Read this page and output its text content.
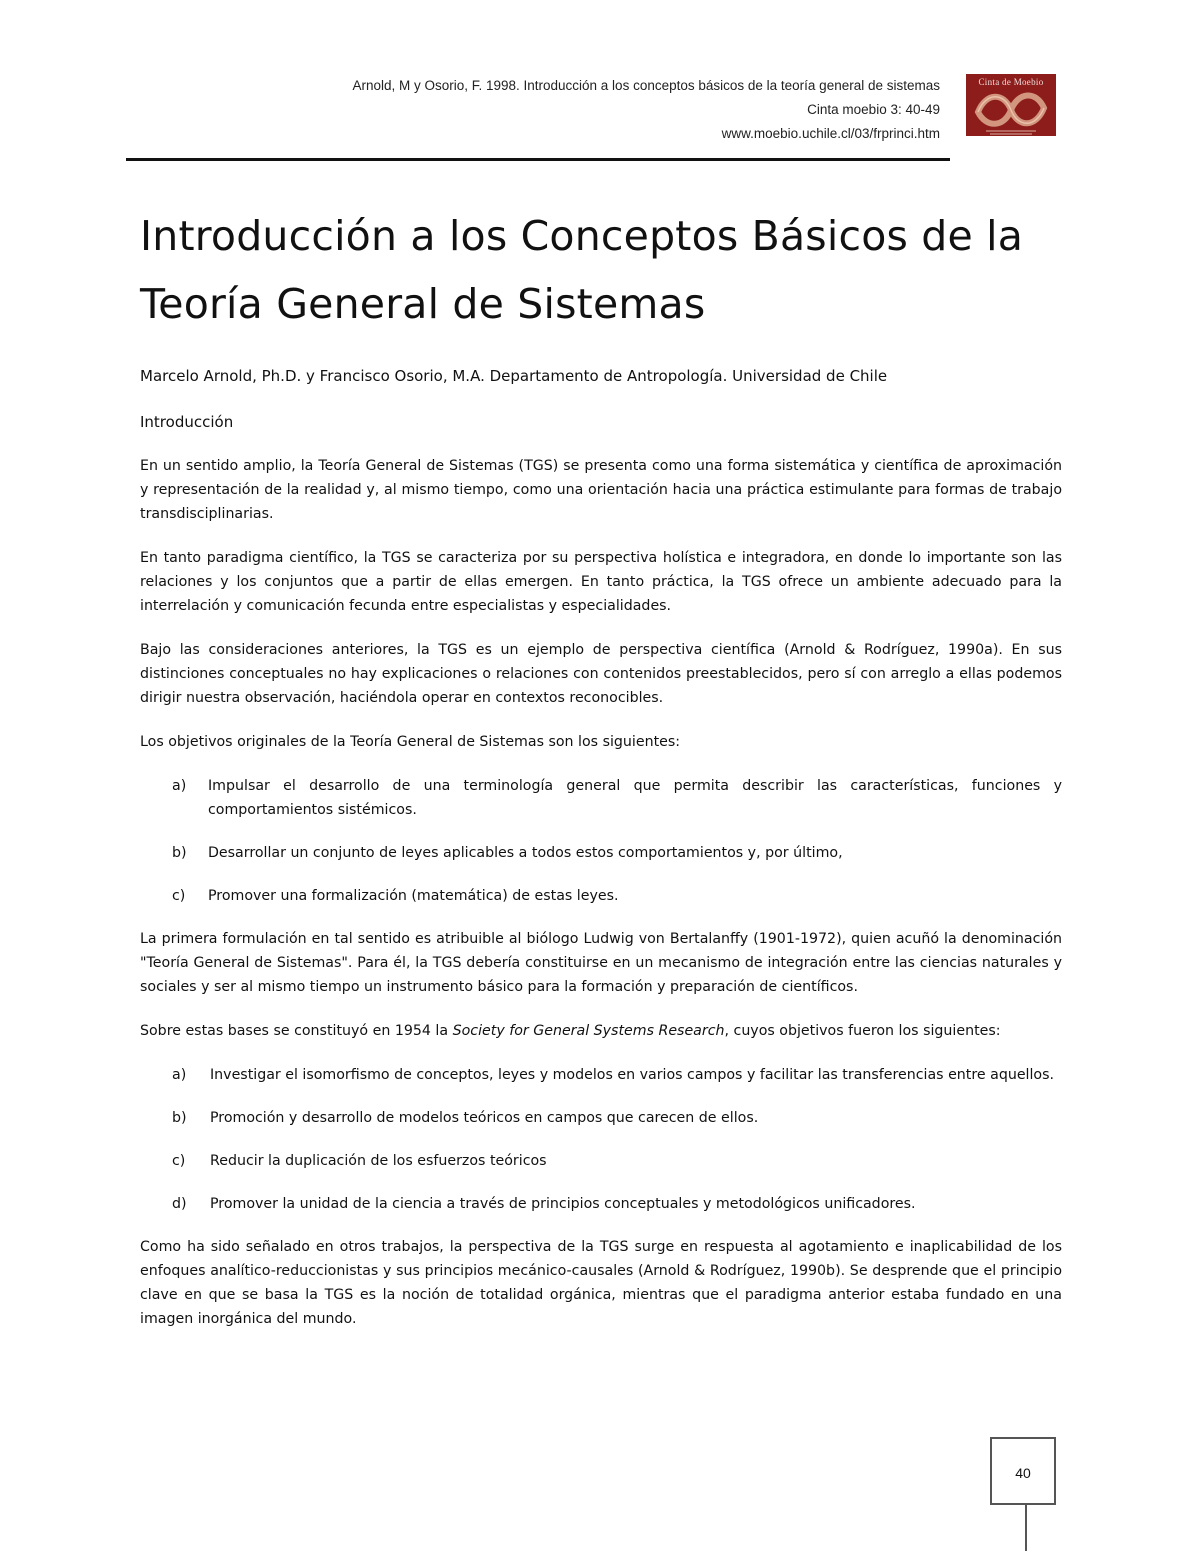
Arnold, M y Osorio, F. 1998. Introducción a los conceptos básicos de la teoría general de sistemas
Cinta moebio 3: 40-49
www.moebio.uchile.cl/03/frprinci.htm
Cinta de Moebio
Introducción a los Conceptos Básicos de la
Teoría General de Sistemas

Marcelo Arnold, Ph.D. y Francisco Osorio, M.A. Departamento de Antropología. Universidad de Chile

Introducción

En un sentido amplio, la Teoría General de Sistemas (TGS) se presenta como una forma sistemática y científica de aproximación y representación de la realidad y, al mismo tiempo, como una orientación hacia una práctica estimulante para formas de trabajo transdisciplinarias.

En tanto paradigma científico, la TGS se caracteriza por su perspectiva holística e integradora, en donde lo importante son las relaciones y los conjuntos que a partir de ellas emergen. En tanto práctica, la TGS ofrece un ambiente adecuado para la interrelación y comunicación fecunda entre especialistas y especialidades.

Bajo las consideraciones anteriores, la TGS es un ejemplo de perspectiva científica (Arnold & Rodríguez, 1990a). En sus distinciones conceptuales no hay explicaciones o relaciones con contenidos preestablecidos, pero sí con arreglo a ellas podemos dirigir nuestra observación, haciéndola operar en contextos reconocibles.

Los objetivos originales de la Teoría General de Sistemas son los siguientes:

a)	Impulsar el desarrollo de una terminología general que permita describir las características, funciones y comportamientos sistémicos.
b)	Desarrollar un conjunto de leyes aplicables a todos estos comportamientos y, por último,
c)	Promover una formalización (matemática) de estas leyes.

La primera formulación en tal sentido es atribuible al biólogo Ludwig von Bertalanffy (1901-1972), quien acuñó la denominación "Teoría General de Sistemas". Para él, la TGS debería constituirse en un mecanismo de integración entre las ciencias naturales y sociales y ser al mismo tiempo un instrumento básico para la formación y preparación de científicos.

Sobre estas bases se constituyó en 1954 la Society for General Systems Research, cuyos objetivos fueron los siguientes:

a)	Investigar el isomorfismo de conceptos, leyes y modelos en varios campos y facilitar las transferencias entre aquellos.
b)	Promoción y desarrollo de modelos teóricos en campos que carecen de ellos.
c)	Reducir la duplicación de los esfuerzos teóricos
d)	Promover la unidad de la ciencia a través de principios conceptuales y metodológicos unificadores.

Como ha sido señalado en otros trabajos, la perspectiva de la TGS surge en respuesta al agotamiento e inaplicabilidad de los enfoques analítico-reduccionistas y sus principios mecánico-causales (Arnold & Rodríguez, 1990b). Se desprende que el principio clave en que se basa la TGS es la noción de totalidad orgánica, mientras que el paradigma anterior estaba fundado en una imagen inorgánica del mundo.

40
